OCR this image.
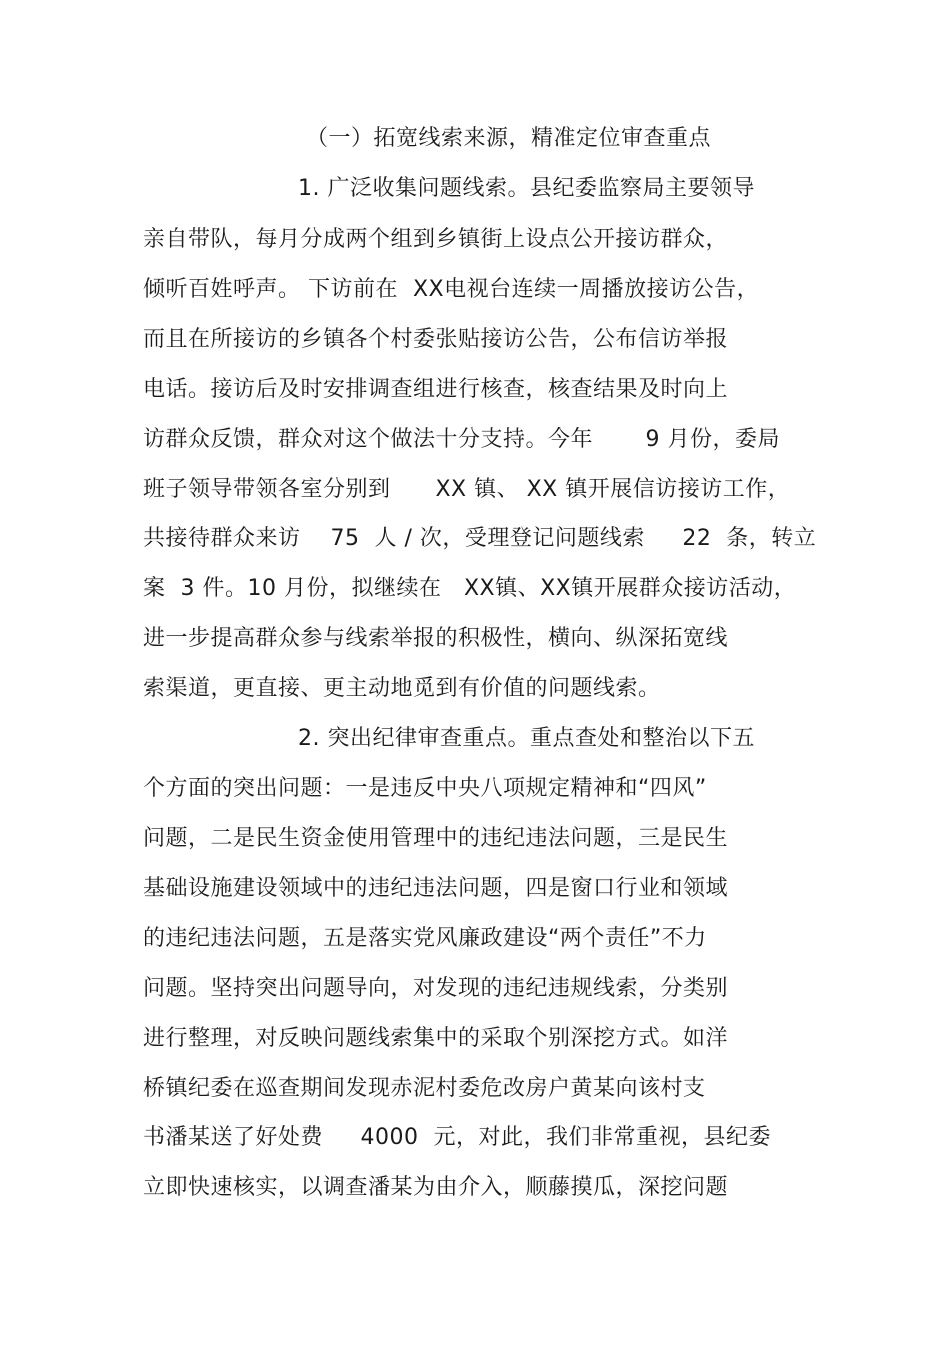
（一）拓宽线索来源，精准定位审查重点
1. 广泛收集问题线索。县纪委监察局主要领导
亲自带队，每月分成两个组到乡镇街上设点公开接访群众，
倾听百姓呼声。 下访前在  XX电视台连续一周播放接访公告，
而且在所接访的乡镇各个村委张贴接访公告，公布信访举报
电话。接访后及时安排调查组进行核查，核查结果及时向上
访群众反馈，群众对这个做法十分支持。今年       9 月份，委局
班子领导带领各室分别到      XX 镇、 XX 镇开展信访接访工作，
共接待群众来访    75  人 / 次，受理登记问题线索     22  条，转立
案  3 件。10 月份，拟继续在   XX镇、XX镇开展群众接访活动，
进一步提高群众参与线索举报的积极性，横向、纵深拓宽线
索渠道，更直接、更主动地觅到有价值的问题线索。
2. 突出纪律审查重点。重点查处和整治以下五
个方面的突出问题：一是违反中央八项规定精神和“四风”
问题，二是民生资金使用管理中的违纪违法问题，三是民生
基础设施建设领域中的违纪违法问题，四是窗口行业和领域
的违纪违法问题，五是落实党风廉政建设“两个责任”不力
问题。坚持突出问题导向，对发现的违纪违规线索，分类别
进行整理，对反映问题线索集中的采取个别深挖方式。如洋
桥镇纪委在巡查期间发现赤泥村委危改房户黄某向该村支
书潘某送了好处费     4000  元，对此，我们非常重视，县纪委
立即快速核实，以调查潘某为由介入，顺藤摸瓜，深挖问题
